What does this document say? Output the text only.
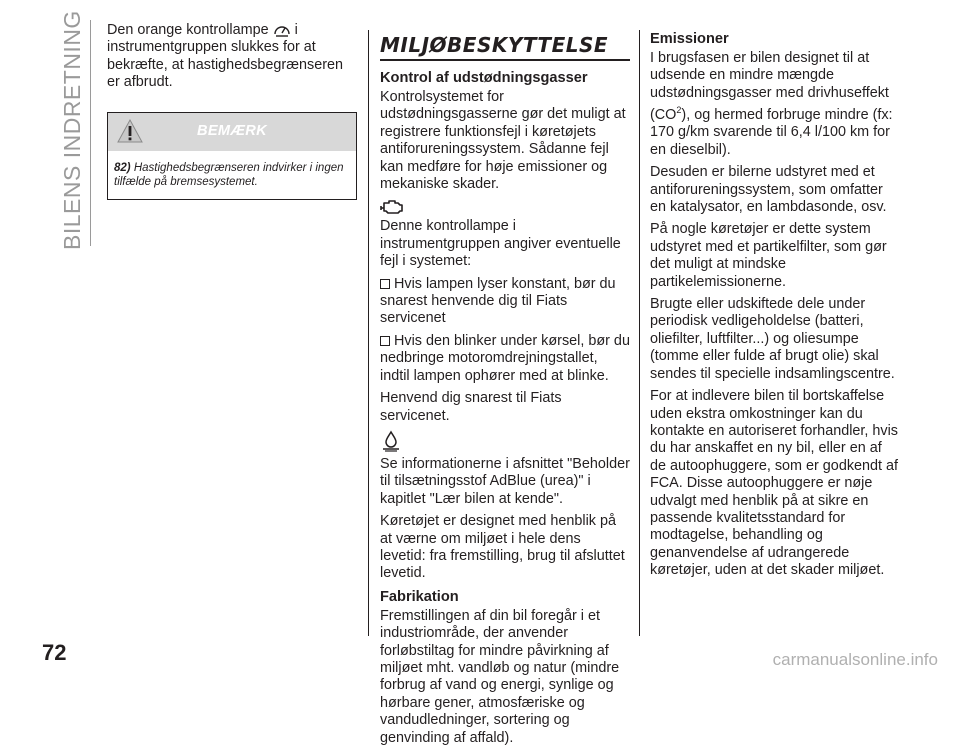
BILENS INDRETNING
72	carmanualsonline.info

Den orange kontrollampe i instrumentgruppen slukkes for at bekræfte, at hastighedsbegrænseren er afbrudt.

BEMÆRK
82) Hastighedsbegrænseren indvirker i ingen tilfælde på bremsesystemet.
MILJØBESKYTTELSE
Kontrol af udstødningsgasser

Kontrolsystemet for udstødningsgasserne gør det muligt at registrere funktionsfejl i køretøjets antiforureningssystem. Sådanne fejl kan medføre for høje emissioner og mekaniske skader.

Denne kontrollampe i instrumentgruppen angiver eventuelle fejl i systemet:

Hvis lampen lyser konstant, bør du snarest henvende dig til Fiats servicenet

Hvis den blinker under kørsel, bør du nedbringe motoromdrejningstallet, indtil lampen ophører med at blinke.

Henvend dig snarest til Fiats servicenet.

Se informationerne i afsnittet "Beholder til tilsætningsstof AdBlue (urea)" i kapitlet "Lær bilen at kende".

Køretøjet er designet med henblik på at værne om miljøet i hele dens levetid: fra fremstilling, brug til afsluttet levetid.

Fabrikation

Fremstillingen af din bil foregår i et industriområde, der anvender forløbstiltag for mindre påvirkning af miljøet mht. vandløb og natur (mindre forbrug af vand og energi, synlige og hørbare gener, atmosfæriske og vandudledninger, sortering og genvinding af affald).

Emissioner

I brugsfasen er bilen designet til at udsende en mindre mængde udstødningsgasser med drivhuseffekt $(CO^2)$, og hermed forbruge mindre (fx: 170 g/km svarende til 6,4 l/100 km for en dieselbil).

Desuden er bilerne udstyret med et antiforureningssystem, som omfatter en katalysator, en lambdasonde, osv.

På nogle køretøjer er dette system udstyret med et partikelfilter, som gør det muligt at mindske partikelemissionerne.

Brugte eller udskiftede dele under periodisk vedligeholdelse (batteri, oliefilter, luftfilter...) og oliesumpe (tomme eller fulde af brugt olie) skal sendes til specielle indsamlingscentre.

For at indlevere bilen til bortskaffelse uden ekstra omkostninger kan du kontakte en autoriseret forhandler, hvis du har anskaffet en ny bil, eller en af de autoophuggere, som er godkendt af FCA. Disse autoophuggere er nøje udvalgt med henblik på at sikre en passende kvalitetsstandard for modtagelse, behandling og genanvendelse af udrangerede køretøjer, uden at det skader miljøet.
